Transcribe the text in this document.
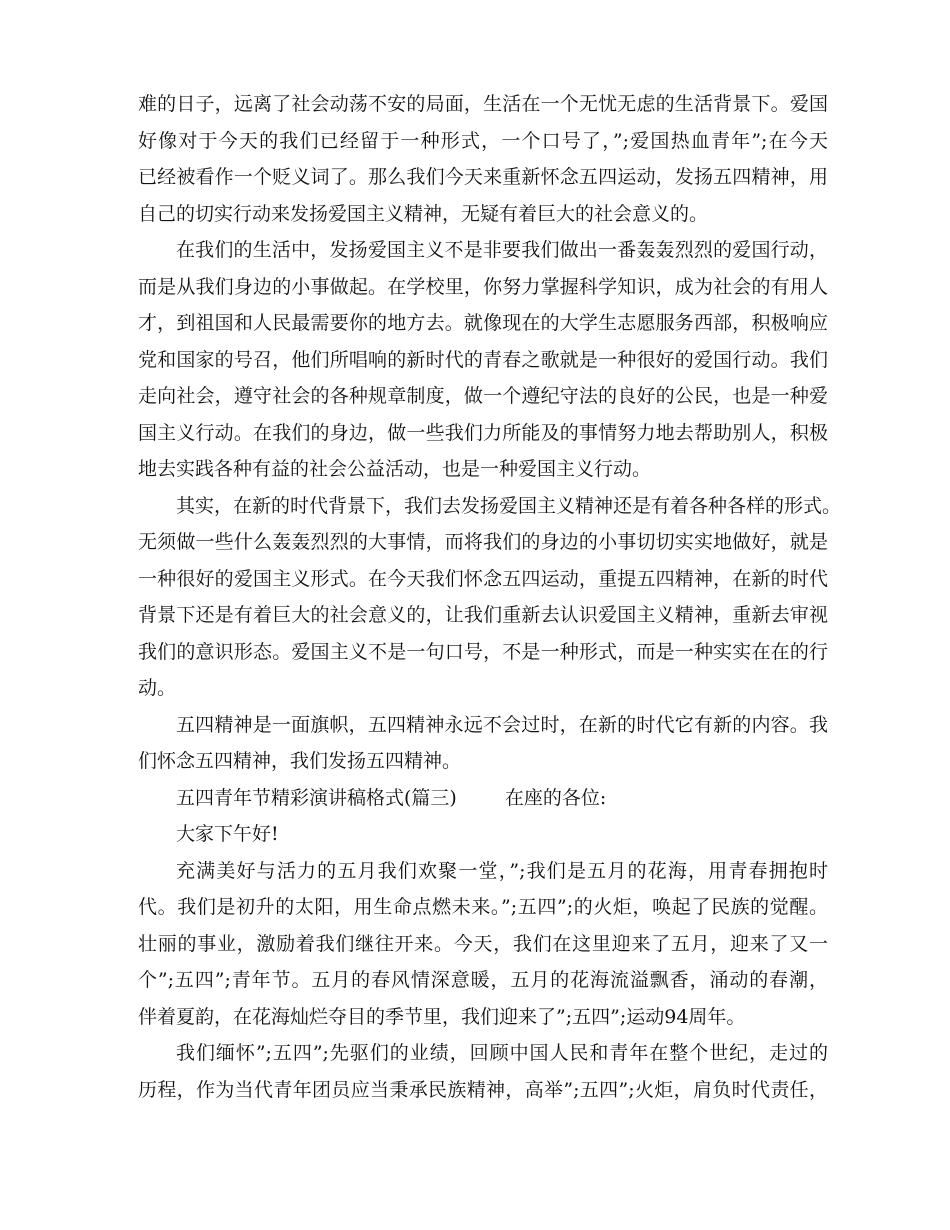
难的日子，远离了社会动荡不安的局面，生活在一个无忧无虑的生活背景下。爱国
好像对于今天的我们已经留于一种形式，一个口号了，”;爱国热血青年”;在今天
已经被看作一个贬义词了。那么我们今天来重新怀念五四运动，发扬五四精神，用
自己的切实行动来发扬爱国主义精神，无疑有着巨大的社会意义的。
在我们的生活中，发扬爱国主义不是非要我们做出一番轰轰烈烈的爱国行动，
而是从我们身边的小事做起。在学校里，你努力掌握科学知识，成为社会的有用人
才，到祖国和人民最需要你的地方去。就像现在的大学生志愿服务西部，积极响应
党和国家的号召，他们所唱响的新时代的青春之歌就是一种很好的爱国行动。我们
走向社会，遵守社会的各种规章制度，做一个遵纪守法的良好的公民，也是一种爱
国主义行动。在我们的身边，做一些我们力所能及的事情努力地去帮助别人，积极
地去实践各种有益的社会公益活动，也是一种爱国主义行动。
其实，在新的时代背景下，我们去发扬爱国主义精神还是有着各种各样的形式。
无须做一些什么轰轰烈烈的大事情，而将我们的身边的小事切切实实地做好，就是
一种很好的爱国主义形式。在今天我们怀念五四运动，重提五四精神，在新的时代
背景下还是有着巨大的社会意义的，让我们重新去认识爱国主义精神，重新去审视
我们的意识形态。爱国主义不是一句口号，不是一种形式，而是一种实实在在的行
动。
五四精神是一面旗帜，五四精神永远不会过时，在新的时代它有新的内容。我
们怀念五四精神，我们发扬五四精神。
五四青年节精彩演讲稿格式(篇三)	在座的各位:
大家下午好!
充满美好与活力的五月我们欢聚一堂，”;我们是五月的花海，用青春拥抱时
代。我们是初升的太阳，用生命点燃未来。”;五四”;的火炬，唤起了民族的觉醒。
壮丽的事业，激励着我们继往开来。今天，我们在这里迎来了五月，迎来了又一
个”;五四”;青年节。五月的春风情深意暖，五月的花海流溢飘香，涌动的春潮，
伴着夏韵，在花海灿烂夺目的季节里，我们迎来了”;五四”;运动94周年。
我们缅怀”;五四”;先驱们的业绩，回顾中国人民和青年在整个世纪，走过的
历程，作为当代青年团员应当秉承民族精神，高举”;五四”;火炬，肩负时代责任，
